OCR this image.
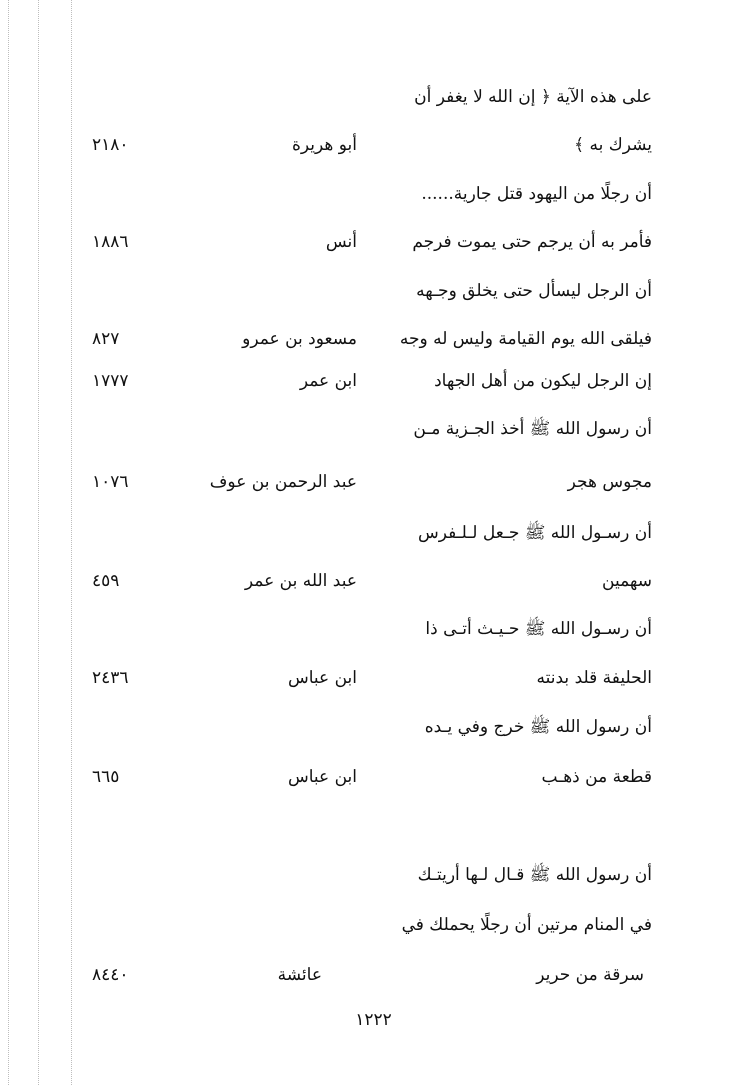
على هذه الآية ﴿ إن الله لا يغفر أن
يشرك به ﴾
أبو هريرة
٢١٨٠
أن رجلًا من اليهود قتل جارية......
فأمر به أن يرجم حتى يموت فرجم
أنس
١٨٨٦
أن الرجل ليسأل حتى يخلق وجـهه
فيلقى الله يوم القيامة وليس له وجه
مسعود بن عمرو
٨٢٧
إن الرجل ليكون من أهل الجهاد
ابن عمر
١٧٧٧
أن رسول الله ﷺ أخذ الجـزية مـن
مجوس هجر
عبد الرحمن بن عوف
١٠٧٦
أن رسـول الله ﷺ جـعل لـلـفرس
سهمين
عبد الله بن عمر
٤٥٩
أن رسـول الله ﷺ حـيـث أتـى ذا
الحليفة قلد بدنته
ابن عباس
٢٤٣٦
أن رسول الله ﷺ خرج وفي يـده
قطعة من ذهـب
ابن عباس
٦٦٥
أن رسول الله ﷺ قـال لـها أريتـك
في المنام مرتين أن رجلًا يحملك في
سرقة من حرير
عائشة
٨٤٤٠
١٢٢٢
